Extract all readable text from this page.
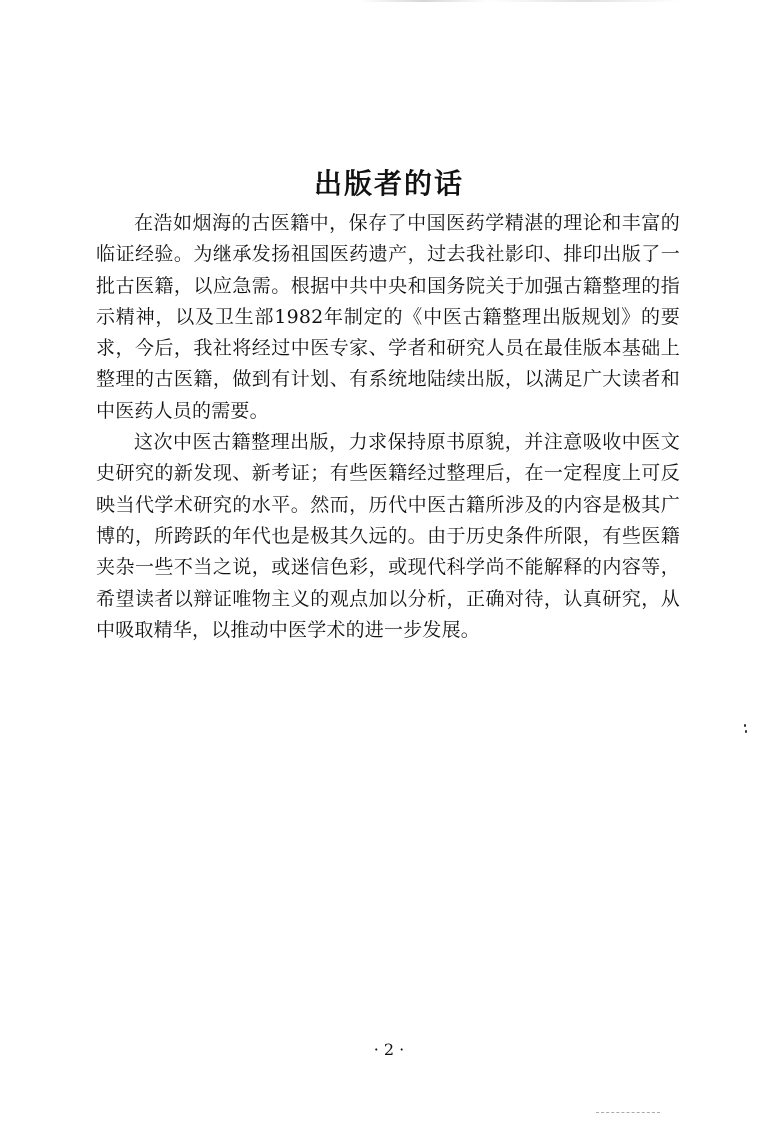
出版者的话

在浩如烟海的古医籍中，保存了中国医药学精湛的理论和丰富的临证经验。为继承发扬祖国医药遗产，过去我社影印、排印出版了一批古医籍，以应急需。根据中共中央和国务院关于加强古籍整理的指示精神，以及卫生部1982年制定的《中医古籍整理出版规划》的要求，今后，我社将经过中医专家、学者和研究人员在最佳版本基础上整理的古医籍，做到有计划、有系统地陆续出版，以满足广大读者和中医药人员的需要。

这次中医古籍整理出版，力求保持原书原貌，并注意吸收中医文史研究的新发现、新考证；有些医籍经过整理后，在一定程度上可反映当代学术研究的水平。然而，历代中医古籍所涉及的内容是极其广博的，所跨跃的年代也是极其久远的。由于历史条件所限，有些医籍夹杂一些不当之说，或迷信色彩，或现代科学尚不能解释的内容等，希望读者以辩证唯物主义的观点加以分析，正确对待，认真研究，从中吸取精华，以推动中医学术的进一步发展。

· 2 ·
